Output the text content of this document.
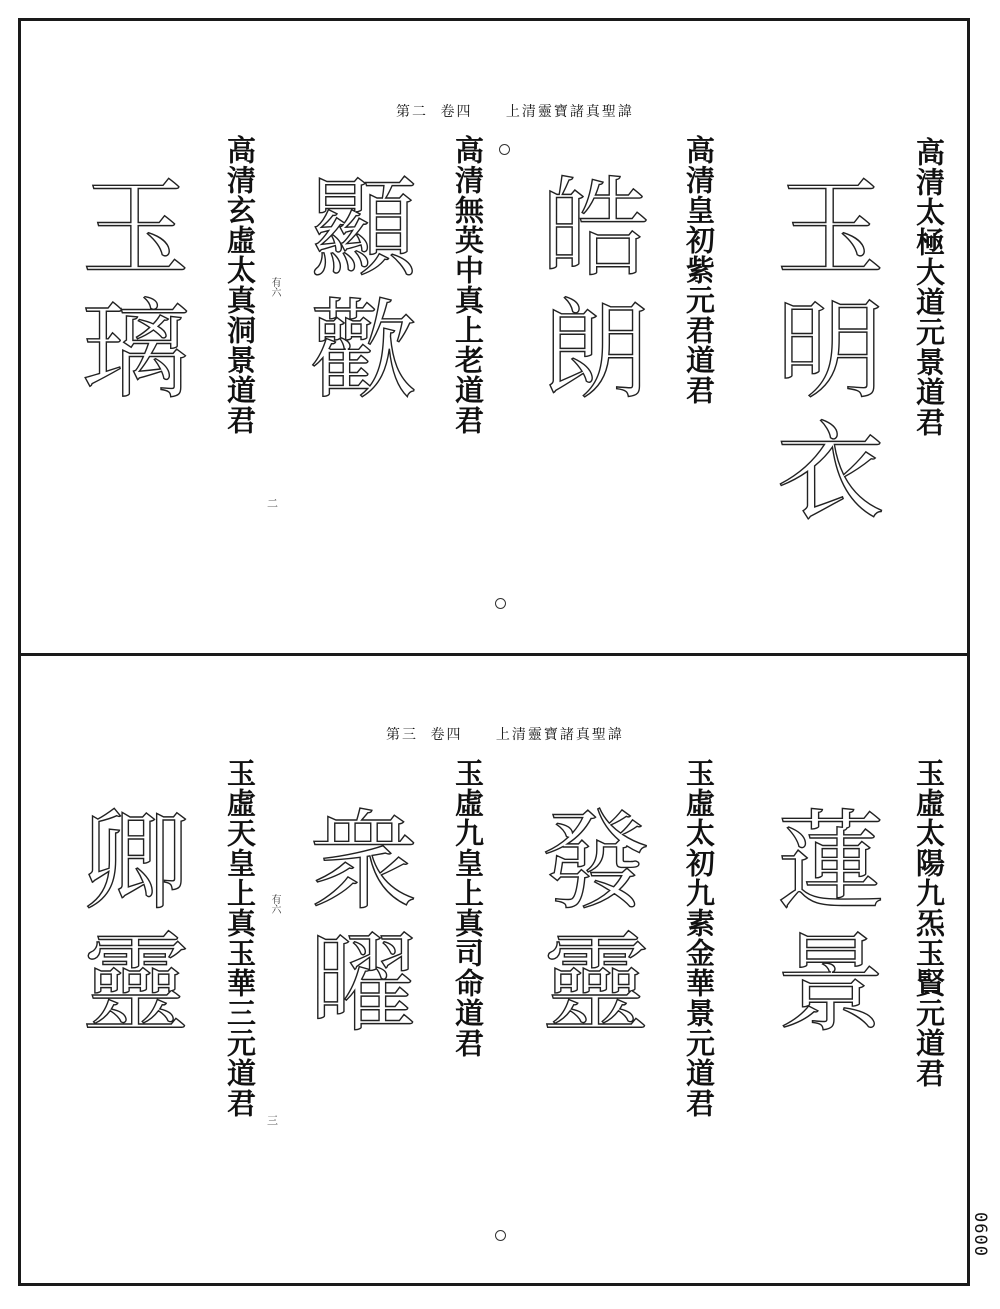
第二 卷四 上清靈寶諸真聖諱
高清太極大道元景道君
玉明衣
高清皇初紫元君道君
皓朗
高清無英中真上老道君
顯歡
高清玄虛太真洞景道君 有六
二
玉璃
第三 卷四 上清靈寶諸真聖諱
玉虛太陽九炁玉賢元道君
蓮景
玉虛太初九素金華景元道君
發靈
玉虛九皇上真司命道君
衆曜
玉虛天皇上真玉華三元道君 有六
三
卿靈
0600
